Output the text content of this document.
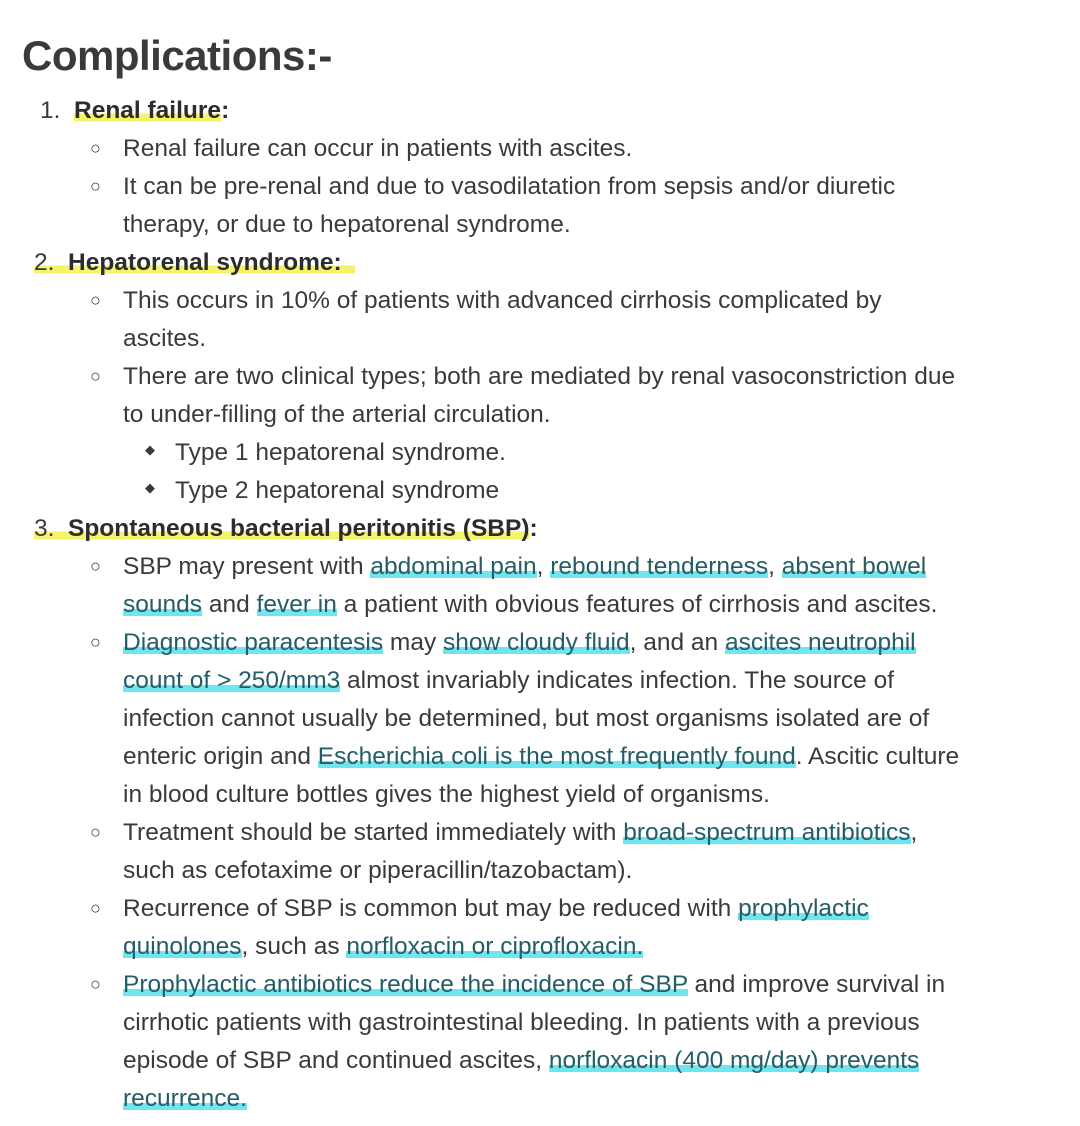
Complications:-
1. Renal failure:
○ Renal failure can occur in patients with ascites.
○ It can be pre-renal and due to vasodilatation from sepsis and/or diuretic
therapy, or due to hepatorenal syndrome.
2. Hepatorenal syndrome:
○ This occurs in 10% of patients with advanced cirrhosis complicated by
ascites.
○ There are two clinical types; both are mediated by renal vasoconstriction due
to under-filling of the arterial circulation.
◆ Type 1 hepatorenal syndrome.
◆ Type 2 hepatorenal syndrome
3. Spontaneous bacterial peritonitis (SBP):
○ SBP may present with abdominal pain, rebound tenderness, absent bowel
sounds and fever in a patient with obvious features of cirrhosis and ascites.
○ Diagnostic paracentesis may show cloudy fluid, and an ascites neutrophil
count of > 250/mm3 almost invariably indicates infection. The source of
infection cannot usually be determined, but most organisms isolated are of
enteric origin and Escherichia coli is the most frequently found. Ascitic culture
in blood culture bottles gives the highest yield of organisms.
○ Treatment should be started immediately with broad-spectrum antibiotics,
such as cefotaxime or piperacillin/tazobactam).
○ Recurrence of SBP is common but may be reduced with prophylactic
quinolones, such as norfloxacin or ciprofloxacin.
○ Prophylactic antibiotics reduce the incidence of SBP and improve survival in
cirrhotic patients with gastrointestinal bleeding. In patients with a previous
episode of SBP and continued ascites, norfloxacin (400 mg/day) prevents
recurrence.
